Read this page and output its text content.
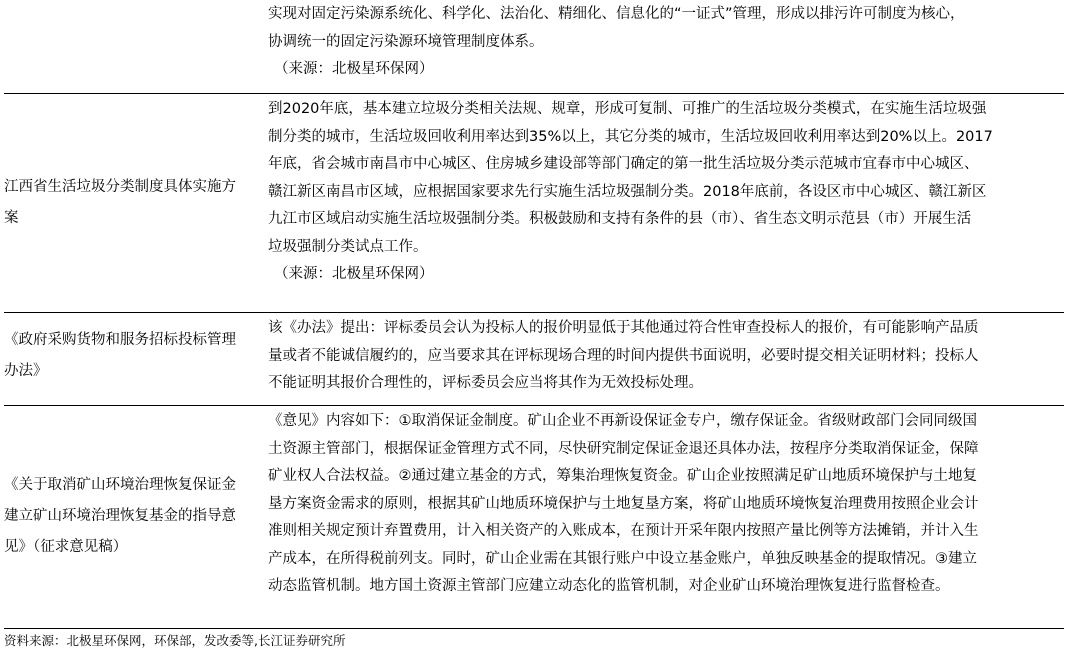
实现对固定污染源系统化、科学化、法治化、精细化、信息化的“一证式”管理，形成以排污许可制度为核心，

协调统一的固定污染源环境管理制度体系。

（来源：北极星环保网）

江西省生活垃圾分类制度具体实施方
案

到2020年底，基本建立垃圾分类相关法规、规章，形成可复制、可推广的生活垃圾分类模式，在实施生活垃圾强

制分类的城市，生活垃圾回收利用率达到35%以上，其它分类的城市，生活垃圾回收利用率达到20%以上。2017

年底，省会城市南昌市中心城区、住房城乡建设部等部门确定的第一批生活垃圾分类示范城市宜春市中心城区、

赣江新区南昌市区域，应根据国家要求先行实施生活垃圾强制分类。2018年底前，各设区市中心城区、赣江新区

九江市区域启动实施生活垃圾强制分类。积极鼓励和支持有条件的县（市）、省生态文明示范县（市）开展生活

垃圾强制分类试点工作。

（来源：北极星环保网）

《政府采购货物和服务招标投标管理
办法》

该《办法》提出：评标委员会认为投标人的报价明显低于其他通过符合性审查投标人的报价，有可能影响产品质

量或者不能诚信履约的，应当要求其在评标现场合理的时间内提供书面说明，必要时提交相关证明材料；投标人

不能证明其报价合理性的，评标委员会应当将其作为无效投标处理。

《关于取消矿山环境治理恢复保证金
建立矿山环境治理恢复基金的指导意
见》（征求意见稿）

《意见》内容如下：①取消保证金制度。矿山企业不再新设保证金专户，缴存保证金。省级财政部门会同同级国

土资源主管部门，根据保证金管理方式不同，尽快研究制定保证金退还具体办法，按程序分类取消保证金，保障

矿业权人合法权益。②通过建立基金的方式，筹集治理恢复资金。矿山企业按照满足矿山地质环境保护与土地复

垦方案资金需求的原则，根据其矿山地质环境保护与土地复垦方案，将矿山地质环境恢复治理费用按照企业会计

准则相关规定预计弃置费用，计入相关资产的入账成本，在预计开采年限内按照产量比例等方法摊销，并计入生

产成本，在所得税前列支。同时，矿山企业需在其银行账户中设立基金账户，单独反映基金的提取情况。③建立

动态监管机制。地方国土资源主管部门应建立动态化的监管机制，对企业矿山环境治理恢复进行监督检查。

资料来源：北极星环保网，环保部，发改委等,长江证券研究所
